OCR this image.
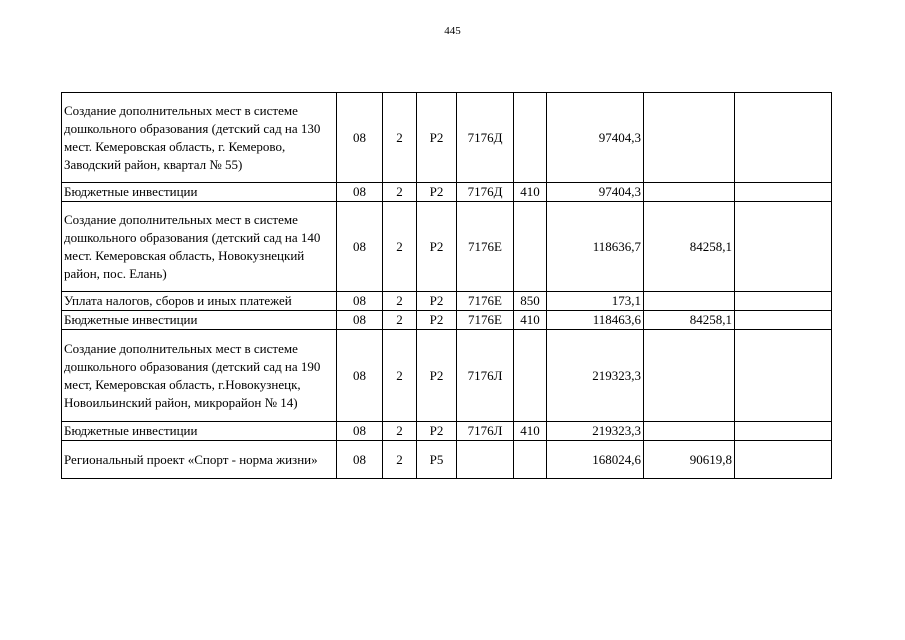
445
Создание дополнительных мест в системе дошкольного образования (детский сад на 130 мест. Кемеровская область, г. Кемерово, Заводский район, квартал № 55)	08	2	Р2	7176Д		97404,3		
Бюджетные инвестиции	08	2	Р2	7176Д	410	97404,3		
Создание дополнительных мест в системе дошкольного образования (детский сад на 140 мест. Кемеровская область, Новокузнецкий район, пос. Елань)	08	2	Р2	7176Е		118636,7	84258,1	
Уплата налогов, сборов и иных платежей	08	2	Р2	7176Е	850	173,1		
Бюджетные инвестиции	08	2	Р2	7176Е	410	118463,6	84258,1	
Создание дополнительных мест в системе дошкольного образования (детский сад на 190 мест, Кемеровская область, г.Новокузнецк, Новоильинский район, микрорайон № 14)	08	2	Р2	7176Л		219323,3		
Бюджетные инвестиции	08	2	Р2	7176Л	410	219323,3		
Региональный проект «Спорт - норма жизни»	08	2	Р5			168024,6	90619,8	
